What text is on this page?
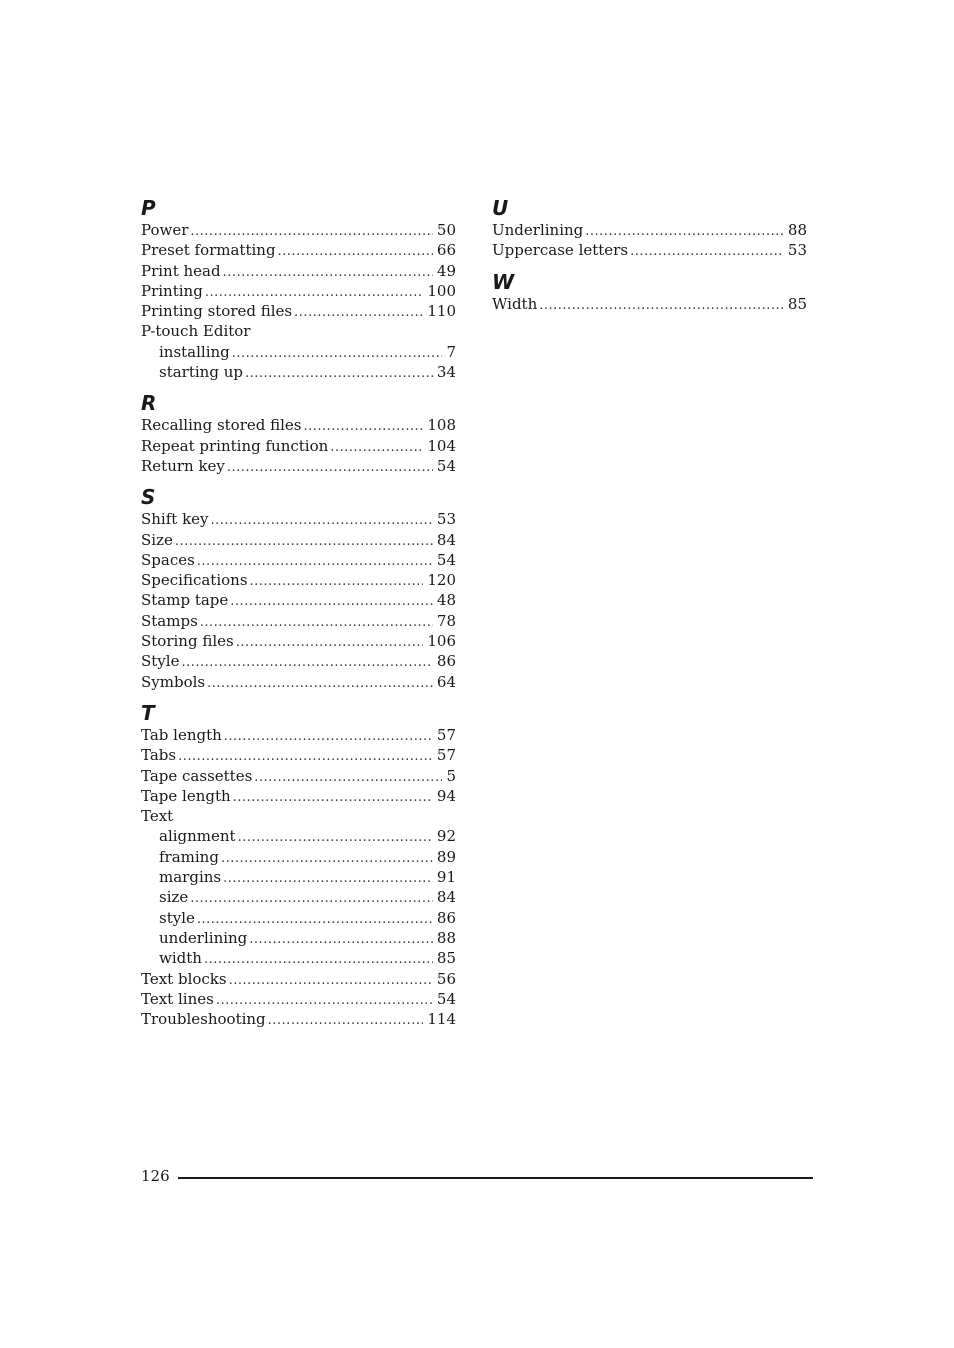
P
Power .....	50
Preset formatting .....	66
Print head .....	49
Printing .....	100
Printing stored files .....	110
P-touch Editor
installing .....	7
starting up .....	34
R
Recalling stored files .....	108
Repeat printing function .....	104
Return key .....	54
S
Shift key .....	53
Size .....	84
Spaces .....	54
Specifications .....	120
Stamp tape .....	48
Stamps .....	78
Storing files .....	106
Style .....	86
Symbols .....	64
T
Tab length .....	57
Tabs .....	57
Tape cassettes .....	5
Tape length .....	94
Text
alignment .....	92
framing .....	89
margins .....	91
size .....	84
style .....	86
underlining .....	88
width .....	85
Text blocks .....	56
Text lines .....	54
Troubleshooting .....	114
U
Underlining .....	88
Uppercase letters .....	53
W
Width .....	85
126
